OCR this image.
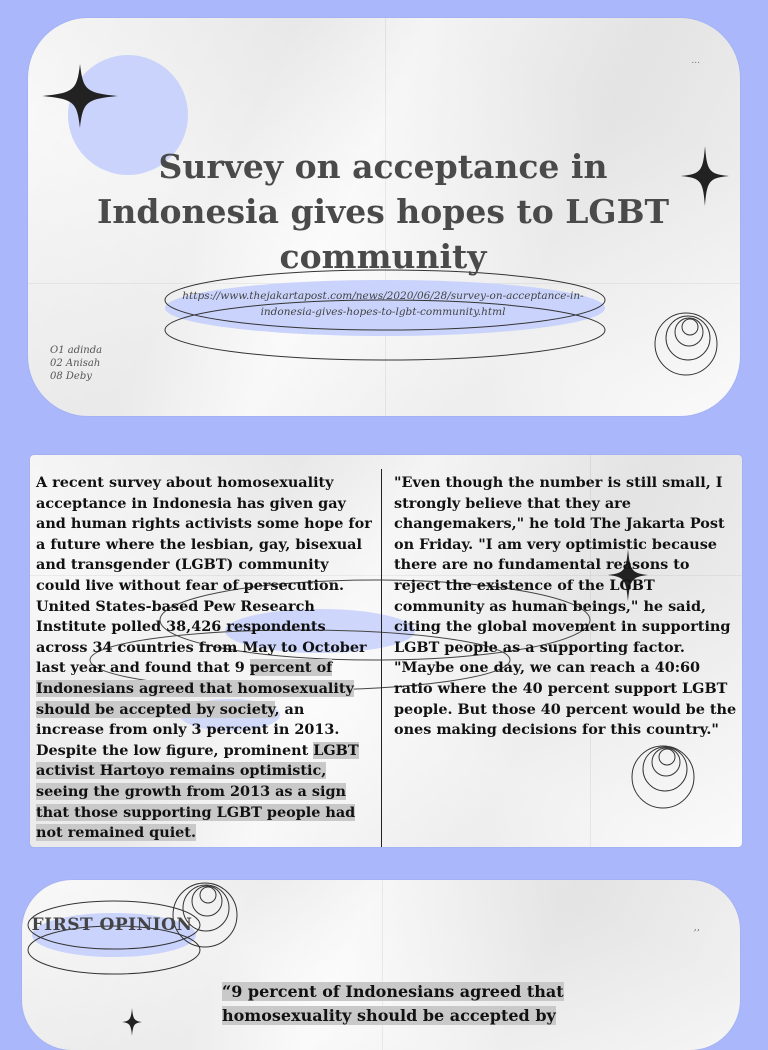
Survey on acceptance in Indonesia gives hopes to LGBT community
https://www.thejakartapost.com/news/2020/06/28/survey-on-acceptance-in-indonesia-gives-hopes-to-lgbt-community.html
O1 adinda
02 Anisah
08 Deby
...
A recent survey about homosexuality acceptance in Indonesia has given gay and human rights activists some hope for a future where the lesbian, gay, bisexual and transgender (LGBT) community could live without fear of persecution. United States-based Pew Research Institute polled 38,426 respondents across 34 countries from May to October last year and found that 9 percent of Indonesians agreed that homosexuality should be accepted by society, an increase from only 3 percent in 2013. Despite the low figure, prominent LGBT activist Hartoyo remains optimistic, seeing the growth from 2013 as a sign that those supporting LGBT people had not remained quiet.
"Even though the number is still small, I strongly believe that they are changemakers," he told The Jakarta Post on Friday. "I am very optimistic because there are no fundamental reasons to reject the existence of the LGBT community as human beings," he said, citing the global movement in supporting LGBT people as a supporting factor. "Maybe one day, we can reach a 40:60 ratio where the 40 percent support LGBT people. But those 40 percent would be the ones making decisions for this country."
FIRST OPINION	,,
“9 percent of Indonesians agreed that homosexuality should be accepted by
